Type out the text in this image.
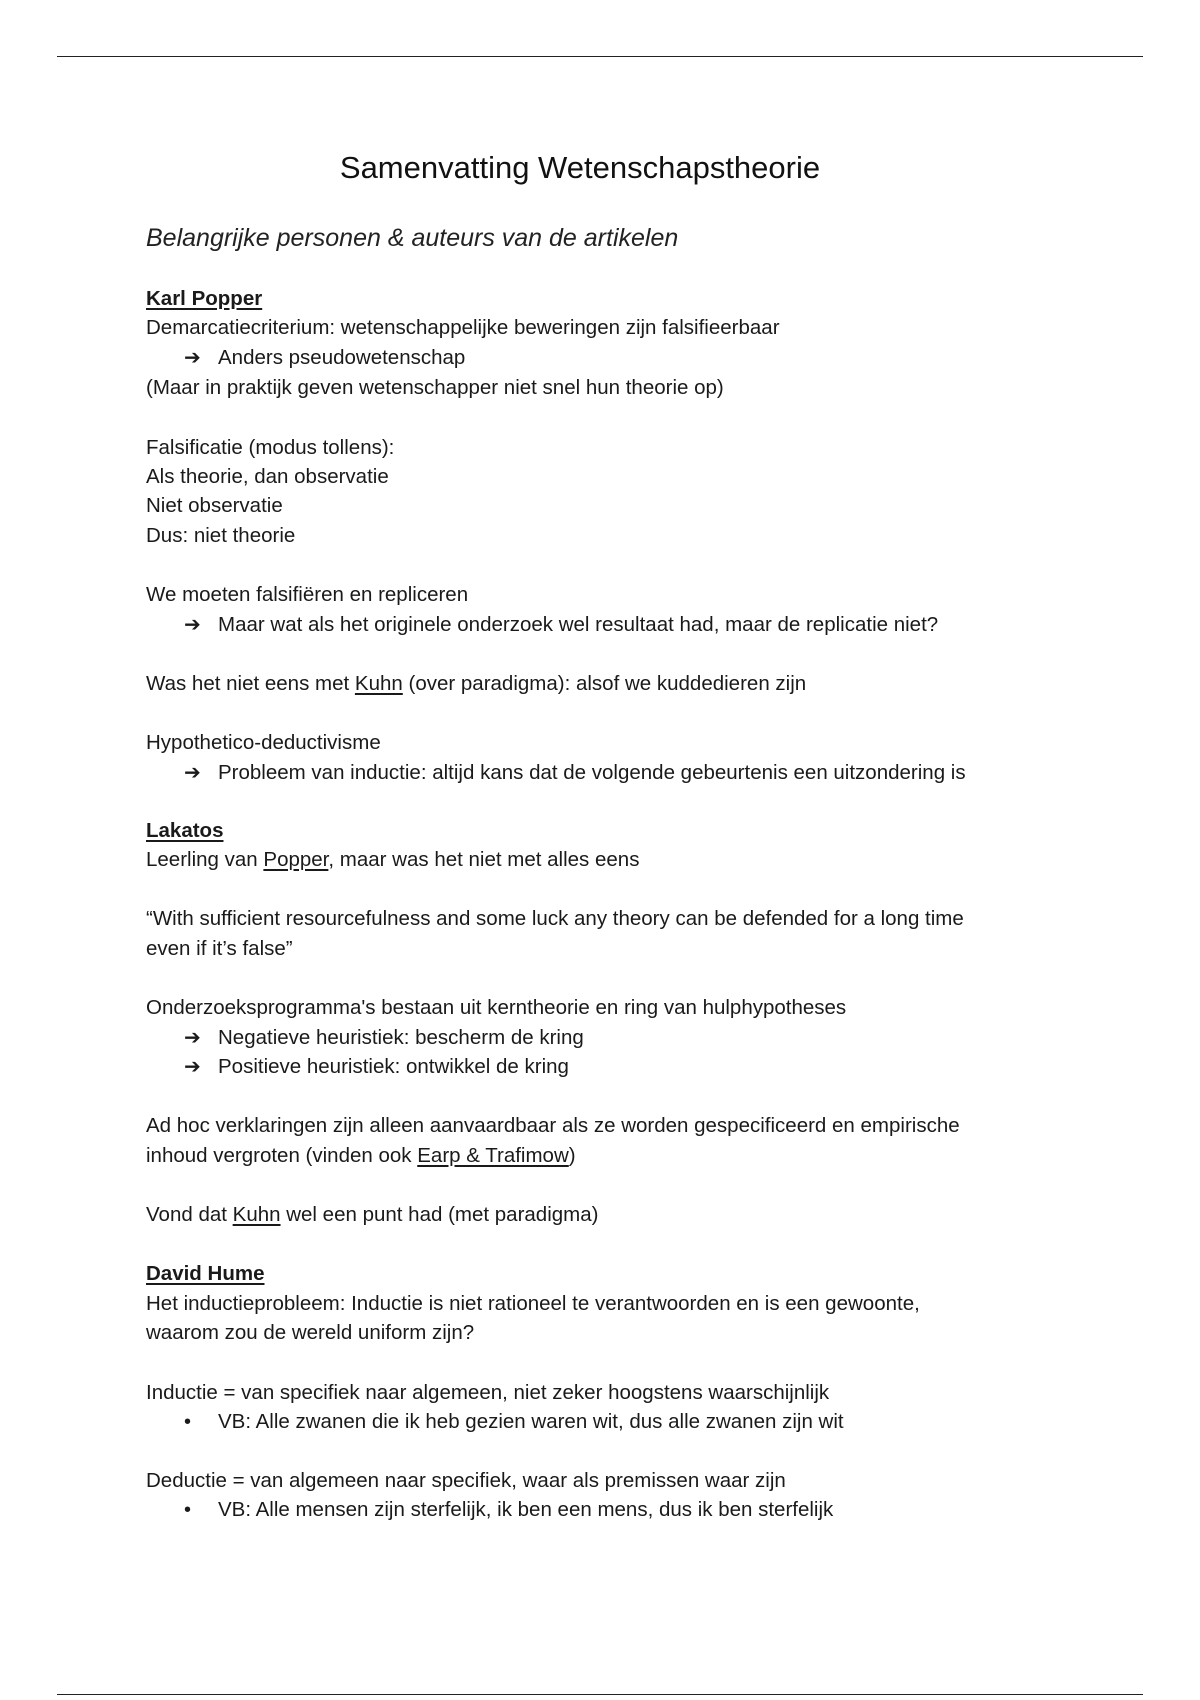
Samenvatting Wetenschapstheorie
Belangrijke personen & auteurs van de artikelen
Karl Popper
Demarcatiecriterium: wetenschappelijke beweringen zijn falsifieerbaar
➔ Anders pseudowetenschap
(Maar in praktijk geven wetenschapper niet snel hun theorie op)
Falsificatie (modus tollens):
Als theorie, dan observatie
Niet observatie
Dus: niet theorie
We moeten falsifiëren en repliceren
➔ Maar wat als het originele onderzoek wel resultaat had, maar de replicatie niet?
Was het niet eens met Kuhn (over paradigma): alsof we kuddedieren zijn
Hypothetico-deductivisme
➔ Probleem van inductie: altijd kans dat de volgende gebeurtenis een uitzondering is
Lakatos
Leerling van Popper, maar was het niet met alles eens
“With sufficient resourcefulness and some luck any theory can be defended for a long time
even if it’s false”
Onderzoeksprogramma's bestaan uit kerntheorie en ring van hulphypotheses
➔ Negatieve heuristiek: bescherm de kring
➔ Positieve heuristiek: ontwikkel de kring
Ad hoc verklaringen zijn alleen aanvaardbaar als ze worden gespecificeerd en empirische
inhoud vergroten (vinden ook Earp & Trafimow)
Vond dat Kuhn wel een punt had (met paradigma)
David Hume
Het inductieprobleem: Inductie is niet rationeel te verantwoorden en is een gewoonte,
waarom zou de wereld uniform zijn?
Inductie = van specifiek naar algemeen, niet zeker hoogstens waarschijnlijk
• VB: Alle zwanen die ik heb gezien waren wit, dus alle zwanen zijn wit
Deductie = van algemeen naar specifiek, waar als premissen waar zijn
• VB: Alle mensen zijn sterfelijk, ik ben een mens, dus ik ben sterfelijk
